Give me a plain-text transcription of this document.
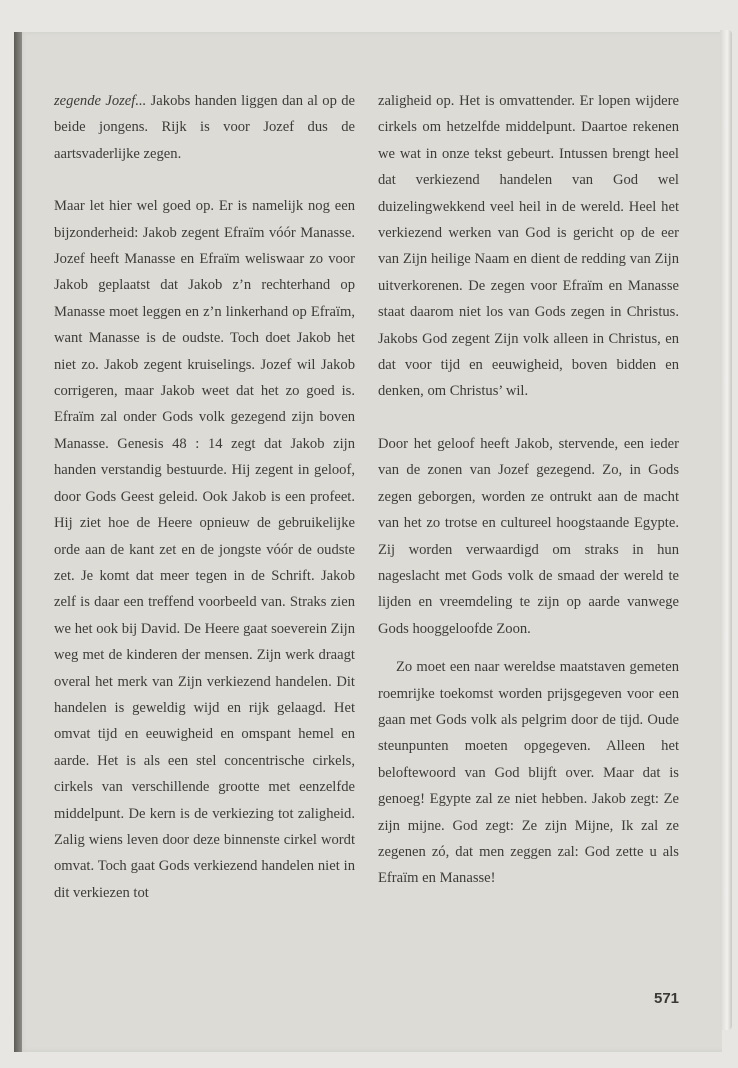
zegende Jozef... Jakobs handen liggen dan al op de beide jongens. Rijk is voor Jozef dus de aartsvaderlijke zegen.

Maar let hier wel goed op. Er is namelijk nog een bijzonderheid: Jakob zegent Efraïm vóór Manasse. Jozef heeft Manasse en Efraïm weliswaar zo voor Jakob geplaatst dat Jakob z’n rechterhand op Manasse moet leggen en z’n linkerhand op Efraïm, want Manasse is de oudste. Toch doet Jakob het niet zo. Jakob zegent kruiselings. Jozef wil Jakob corrigeren, maar Jakob weet dat het zo goed is. Efraïm zal onder Gods volk gezegend zijn boven Manasse. Genesis 48 : 14 zegt dat Jakob zijn handen verstandig bestuurde. Hij zegent in geloof, door Gods Geest geleid. Ook Jakob is een profeet. Hij ziet hoe de Heere opnieuw de gebruikelijke orde aan de kant zet en de jongste vóór de oudste zet. Je komt dat meer tegen in de Schrift. Jakob zelf is daar een treffend voorbeeld van. Straks zien we het ook bij David. De Heere gaat soeverein Zijn weg met de kinderen der mensen. Zijn werk draagt overal het merk van Zijn verkiezend handelen. Dit handelen is geweldig wijd en rijk gelaagd. Het omvat tijd en eeuwigheid en omspant hemel en aarde. Het is als een stel concentrische cirkels, cirkels van verschillende grootte met eenzelfde middelpunt. De kern is de verkiezing tot zaligheid. Zalig wiens leven door deze binnenste cirkel wordt omvat. Toch gaat Gods verkiezend handelen niet in dit verkiezen tot

zaligheid op. Het is omvattender. Er lopen wijdere cirkels om hetzelfde middelpunt. Daartoe rekenen we wat in onze tekst gebeurt. Intussen brengt heel dat verkiezend handelen van God wel duizelingwekkend veel heil in de wereld. Heel het verkiezend werken van God is gericht op de eer van Zijn heilige Naam en dient de redding van Zijn uitverkorenen. De zegen voor Efraïm en Manasse staat daarom niet los van Gods zegen in Christus. Jakobs God zegent Zijn volk alleen in Christus, en dat voor tijd en eeuwigheid, boven bidden en denken, om Christus’ wil.

Door het geloof heeft Jakob, stervende, een ieder van de zonen van Jozef gezegend. Zo, in Gods zegen geborgen, worden ze ontrukt aan de macht van het zo trotse en cultureel hoogstaande Egypte. Zij worden verwaardigd om straks in hun nageslacht met Gods volk de smaad der wereld te lijden en vreemdeling te zijn op aarde vanwege Gods hooggeloofde Zoon.

Zo moet een naar wereldse maatstaven gemeten roemrijke toekomst worden prijsgegeven voor een gaan met Gods volk als pelgrim door de tijd. Oude steunpunten moeten opgegeven. Alleen het beloftewoord van God blijft over. Maar dat is genoeg! Egypte zal ze niet hebben. Jakob zegt: Ze zijn mijne. God zegt: Ze zijn Mijne, Ik zal ze zegenen zó, dat men zeggen zal: God zette u als Efraïm en Manasse!

571
